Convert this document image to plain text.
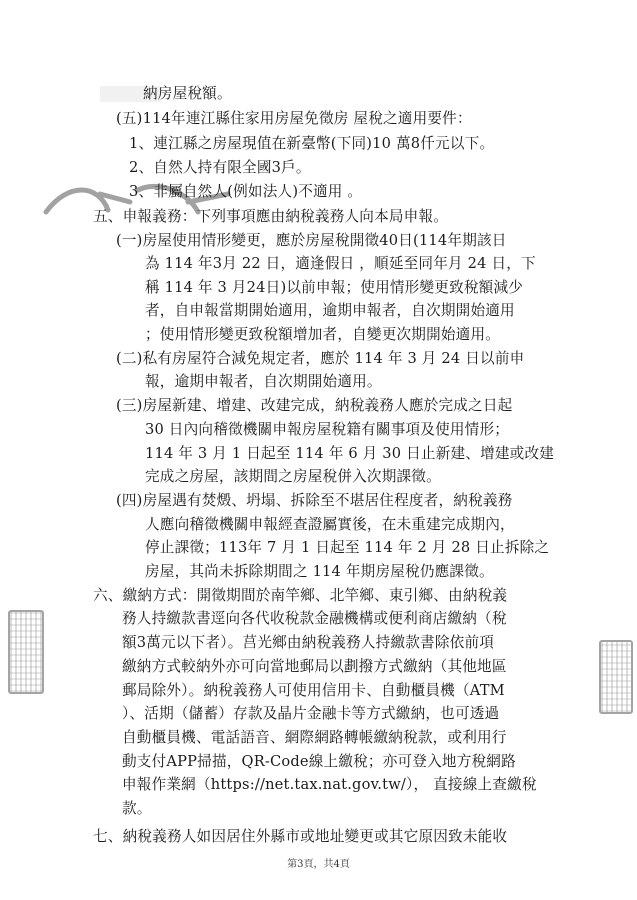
納房屋稅額。
(五)114年連江縣住家用房屋免徵房 屋稅之適用要件：
1、連江縣之房屋現值在新臺幣(下同)10 萬8仟元以下。
2、自然人持有限全國3戶。
3、非屬自然人(例如法人)不適用 。
五、申報義務：下列事項應由納稅義務人向本局申報。
(一)房屋使用情形變更，應於房屋稅開徵40日(114年期該日
為 114 年3月 22 日，適逢假日 ，順延至同年月 24 日，下
稱 114 年 3 月24日)以前申報；使用情形變更致稅額減少
者，自申報當期開始適用，逾期申報者，自次期開始適用
；使用情形變更致稅額增加者，自變更次期開始適用。
(二)私有房屋符合減免規定者，應於 114 年 3 月 24 日以前申
報，逾期申報者，自次期開始適用。
(三)房屋新建、增建、改建完成，納稅義務人應於完成之日起
30 日內向稽徵機關申報房屋稅籍有關事項及使用情形；
114 年 3 月 1 日起至 114 年 6 月 30 日止新建、增建或改建
完成之房屋，該期間之房屋稅併入次期課徵。
(四)房屋遇有焚燬、坍塌、拆除至不堪居住程度者，納稅義務
人應向稽徵機關申報經查證屬實後，在未重建完成期內，
停止課徵；113年 7 月 1 日起至 114 年 2 月 28 日止拆除之
房屋，其尚未拆除期間之 114 年期房屋稅仍應課徵。
六、繳納方式：開徵期間於南竿鄉、北竿鄉、東引鄉、由納稅義
務人持繳款書逕向各代收稅款金融機構或便利商店繳納（稅
額3萬元以下者）。莒光鄉由納稅義務人持繳款書除依前項
繳納方式較納外亦可向當地郵局以劃撥方式繳納（其他地區
郵局除外）。納稅義務人可使用信用卡、自動櫃員機（ATM
）、活期（儲蓄）存款及晶片金融卡等方式繳納，也可透過
自動櫃員機、電話語音、網際網路轉帳繳納稅款，或利用行
動支付APP掃描，QR-Code線上繳稅；亦可登入地方稅網路
申報作業網（https://net.tax.nat.gov.tw/）， 直接線上查繳稅
款。
七、納稅義務人如因居住外縣市或地址變更或其它原因致未能收
第3頁，共4頁
